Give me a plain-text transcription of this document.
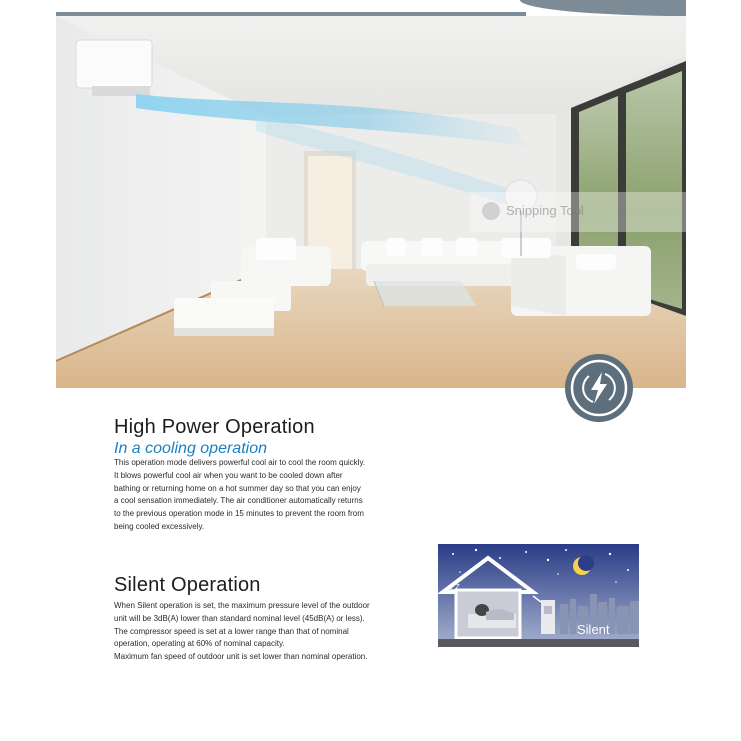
Snipping Tool
High Power Operation
In a cooling operation

This operation mode delivers powerful cool air to cool the room quickly.

It blows powerful cool air when you want to be cooled down after

bathing or returning home on a hot summer day so that you can enjoy

a cool sensation immediately. The air conditioner automatically returns

to the previous operation mode in 15 minutes to prevent the room from

being cooled excessively.

Silent Operation

When Silent operation is set, the maximum pressure level of the outdoor

unit will be 3dB(A) lower than standard nominal level (45dB(A) or less).

The compressor speed is set at a lower range than that of nominal

operation, operating at 60% of nominal capacity.

Maximum fan speed of outdoor unit is set lower than nominal operation.

ZZ...
Silent
